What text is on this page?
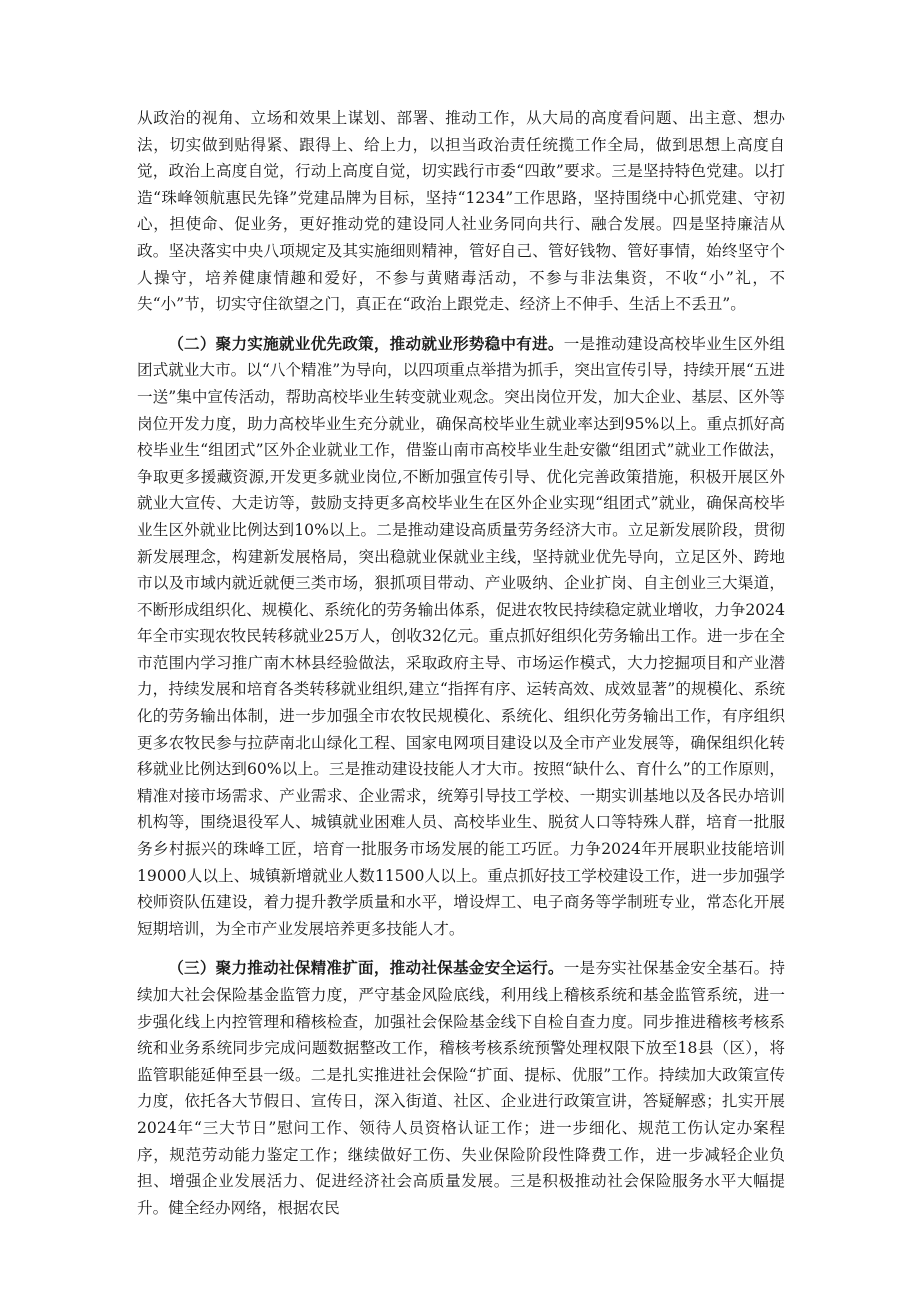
从政治的视角、立场和效果上谋划、部署、推动工作，从大局的高度看问题、出主意、想办法，切实做到贴得紧、跟得上、给上力，以担当政治责任统揽工作全局，做到思想上高度自觉，政治上高度自觉，行动上高度自觉，切实践行市委“四敢”要求。三是坚持特色党建。以打造“珠峰领航惠民先锋”党建品牌为目标，坚持“1234”工作思路，坚持围绕中心抓党建、守初心，担使命、促业务，更好推动党的建设同人社业务同向共行、融合发展。四是坚持廉洁从政。坚决落实中央八项规定及其实施细则精神，管好自己、管好钱物、管好事情，始终坚守个人操守，培养健康情趣和爱好，不参与黄赌毒活动，不参与非法集资，不收“小”礼，不失“小”节，切实守住欲望之门，真正在“政治上跟党走、经济上不伸手、生活上不丢丑”。

（二）聚力实施就业优先政策，推动就业形势稳中有进。一是推动建设高校毕业生区外组团式就业大市。以“八个精准”为导向，以四项重点举措为抓手，突出宣传引导，持续开展“五进一送”集中宣传活动，帮助高校毕业生转变就业观念。突出岗位开发，加大企业、基层、区外等岗位开发力度，助力高校毕业生充分就业，确保高校毕业生就业率达到95%以上。重点抓好高校毕业生“组团式”区外企业就业工作，借鉴山南市高校毕业生赴安徽“组团式”就业工作做法，争取更多援藏资源,开发更多就业岗位,不断加强宣传引导、优化完善政策措施，积极开展区外就业大宣传、大走访等，鼓励支持更多高校毕业生在区外企业实现“组团式”就业，确保高校毕业生区外就业比例达到10%以上。二是推动建设高质量劳务经济大市。立足新发展阶段，贯彻新发展理念，构建新发展格局，突出稳就业保就业主线，坚持就业优先导向，立足区外、跨地市以及市域内就近就便三类市场，狠抓项目带动、产业吸纳、企业扩岗、自主创业三大渠道，不断形成组织化、规模化、系统化的劳务输出体系，促进农牧民持续稳定就业增收，力争2024年全市实现农牧民转移就业25万人，创收32亿元。重点抓好组织化劳务输出工作。进一步在全市范围内学习推广南木林县经验做法，采取政府主导、市场运作模式，大力挖掘项目和产业潜力，持续发展和培育各类转移就业组织,建立“指挥有序、运转高效、成效显著”的规模化、系统化的劳务输出体制，进一步加强全市农牧民规模化、系统化、组织化劳务输出工作，有序组织更多农牧民参与拉萨南北山绿化工程、国家电网项目建设以及全市产业发展等，确保组织化转移就业比例达到60%以上。三是推动建设技能人才大市。按照“缺什么、育什么”的工作原则，精准对接市场需求、产业需求、企业需求，统筹引导技工学校、一期实训基地以及各民办培训机构等，围绕退役军人、城镇就业困难人员、高校毕业生、脱贫人口等特殊人群，培育一批服务乡村振兴的珠峰工匠，培育一批服务市场发展的能工巧匠。力争2024年开展职业技能培训19000人以上、城镇新增就业人数11500人以上。重点抓好技工学校建设工作，进一步加强学校师资队伍建设，着力提升教学质量和水平，增设焊工、电子商务等学制班专业，常态化开展短期培训，为全市产业发展培养更多技能人才。

（三）聚力推动社保精准扩面，推动社保基金安全运行。一是夯实社保基金安全基石。持续加大社会保险基金监管力度，严守基金风险底线，利用线上稽核系统和基金监管系统，进一步强化线上内控管理和稽核检查，加强社会保险基金线下自检自查力度。同步推进稽核考核系统和业务系统同步完成问题数据整改工作，稽核考核系统预警处理权限下放至18县（区），将监管职能延伸至县一级。二是扎实推进社会保险“扩面、提标、优服”工作。持续加大政策宣传力度，依托各大节假日、宣传日，深入街道、社区、企业进行政策宣讲，答疑解惑；扎实开展2024年“三大节日”慰问工作、领待人员资格认证工作；进一步细化、规范工伤认定办案程序，规范劳动能力鉴定工作；继续做好工伤、失业保险阶段性降费工作，进一步减轻企业负担、增强企业发展活力、促进经济社会高质量发展。三是积极推动社会保险服务水平大幅提升。健全经办网络，根据农民
